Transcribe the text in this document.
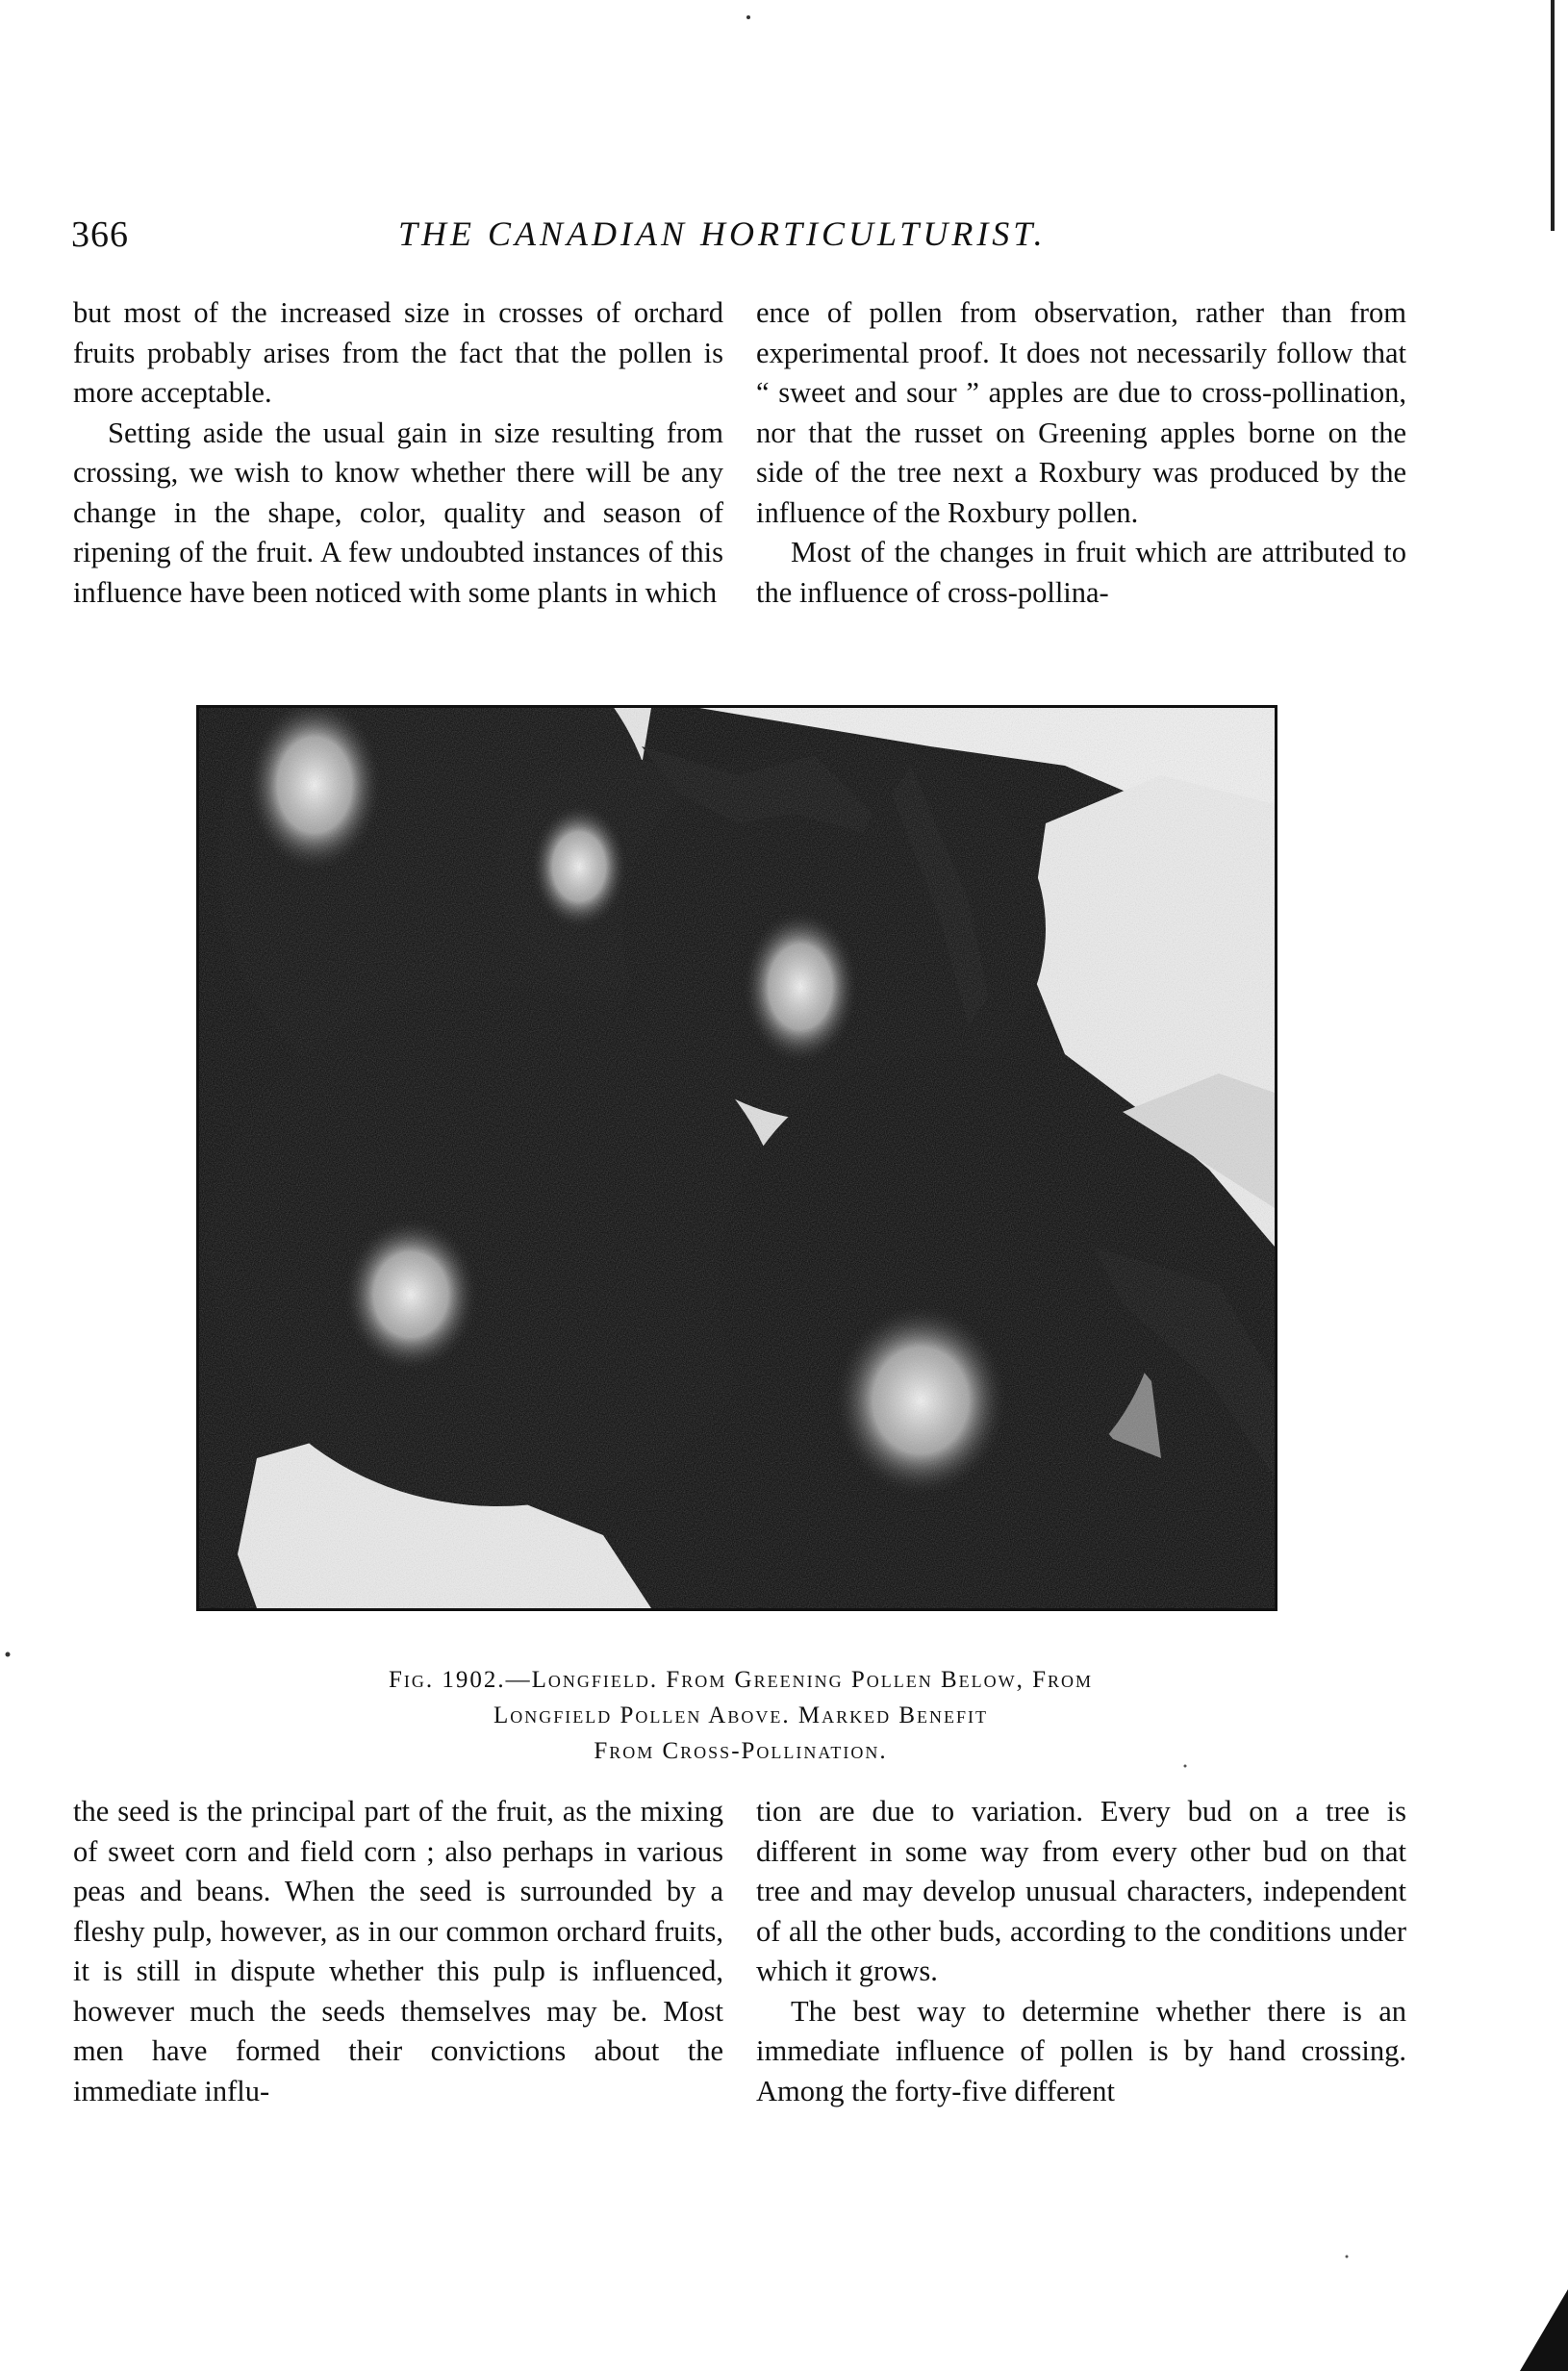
366	THE CANADIAN HORTICULTURIST.

but most of the increased size in crosses of orchard fruits probably arises from the fact that the pollen is more acceptable.

Setting aside the usual gain in size resulting from crossing, we wish to know whether there will be any change in the shape, color, quality and season of ripening of the fruit. A few undoubted instances of this influence have been noticed with some plants in which

ence of pollen from observation, rather than from experimental proof. It does not necessarily follow that “ sweet and sour ” apples are due to cross-pollination, nor that the russet on Greening apples borne on the side of the tree next a Roxbury was produced by the influence of the Roxbury pollen.

Most of the changes in fruit which are attributed to the influence of cross-pollina-

Fig. 1902.—Longfield. From Greening Pollen Below, From
Longfield Pollen Above. Marked Benefit
From Cross-Pollination.

the seed is the principal part of the fruit, as the mixing of sweet corn and field corn ; also perhaps in various peas and beans. When the seed is surrounded by a fleshy pulp, however, as in our common orchard fruits, it is still in dispute whether this pulp is influenced, however much the seeds themselves may be. Most men have formed their convictions about the immediate influ-

tion are due to variation. Every bud on a tree is different in some way from every other bud on that tree and may develop unusual characters, independent of all the other buds, according to the conditions under which it grows.

The best way to determine whether there is an immediate influence of pollen is by hand crossing. Among the forty-five different
